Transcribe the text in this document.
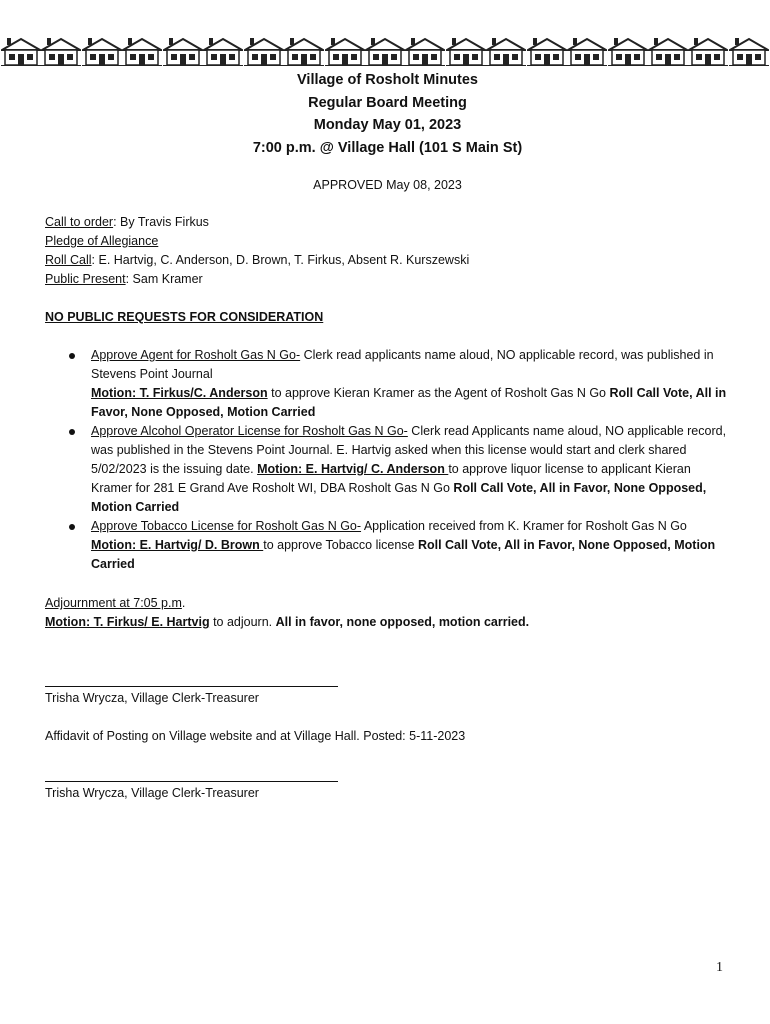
Village of Rosholt Minutes
Regular Board Meeting
Monday May 01, 2023
7:00 p.m. @ Village Hall (101 S Main St)
APPROVED May 08, 2023
Call to order: By Travis Firkus
Pledge of Allegiance
Roll Call: E. Hartvig, C. Anderson, D. Brown, T. Firkus, Absent R. Kurszewski
Public Present: Sam Kramer
NO PUBLIC REQUESTS FOR CONSIDERATION
Approve Agent for Rosholt Gas N Go- Clerk read applicants name aloud, NO applicable record, was published in Stevens Point Journal
Motion: T. Firkus/C. Anderson to approve Kieran Kramer as the Agent of Rosholt Gas N Go Roll Call Vote, All in Favor, None Opposed, Motion Carried
Approve Alcohol Operator License for Rosholt Gas N Go- Clerk read Applicants name aloud, NO applicable record, was published in the Stevens Point Journal. E. Hartvig asked when this license would start and clerk shared 5/02/2023 is the issuing date. Motion: E. Hartvig/ C. Anderson to approve liquor license to applicant Kieran Kramer for 281 E Grand Ave Rosholt WI, DBA Rosholt Gas N Go Roll Call Vote, All in Favor, None Opposed, Motion Carried
Approve Tobacco License for Rosholt Gas N Go- Application received from K. Kramer for Rosholt Gas N Go Motion: E. Hartvig/ D. Brown to approve Tobacco license Roll Call Vote, All in Favor, None Opposed, Motion Carried
Adjournment at 7:05 p.m.
Motion: T. Firkus/ E. Hartvig to adjourn. All in favor, none opposed, motion carried.
Trisha Wrycza, Village Clerk-Treasurer
Affidavit of Posting on Village website and at Village Hall. Posted: 5-11-2023
Trisha Wrycza, Village Clerk-Treasurer
1
